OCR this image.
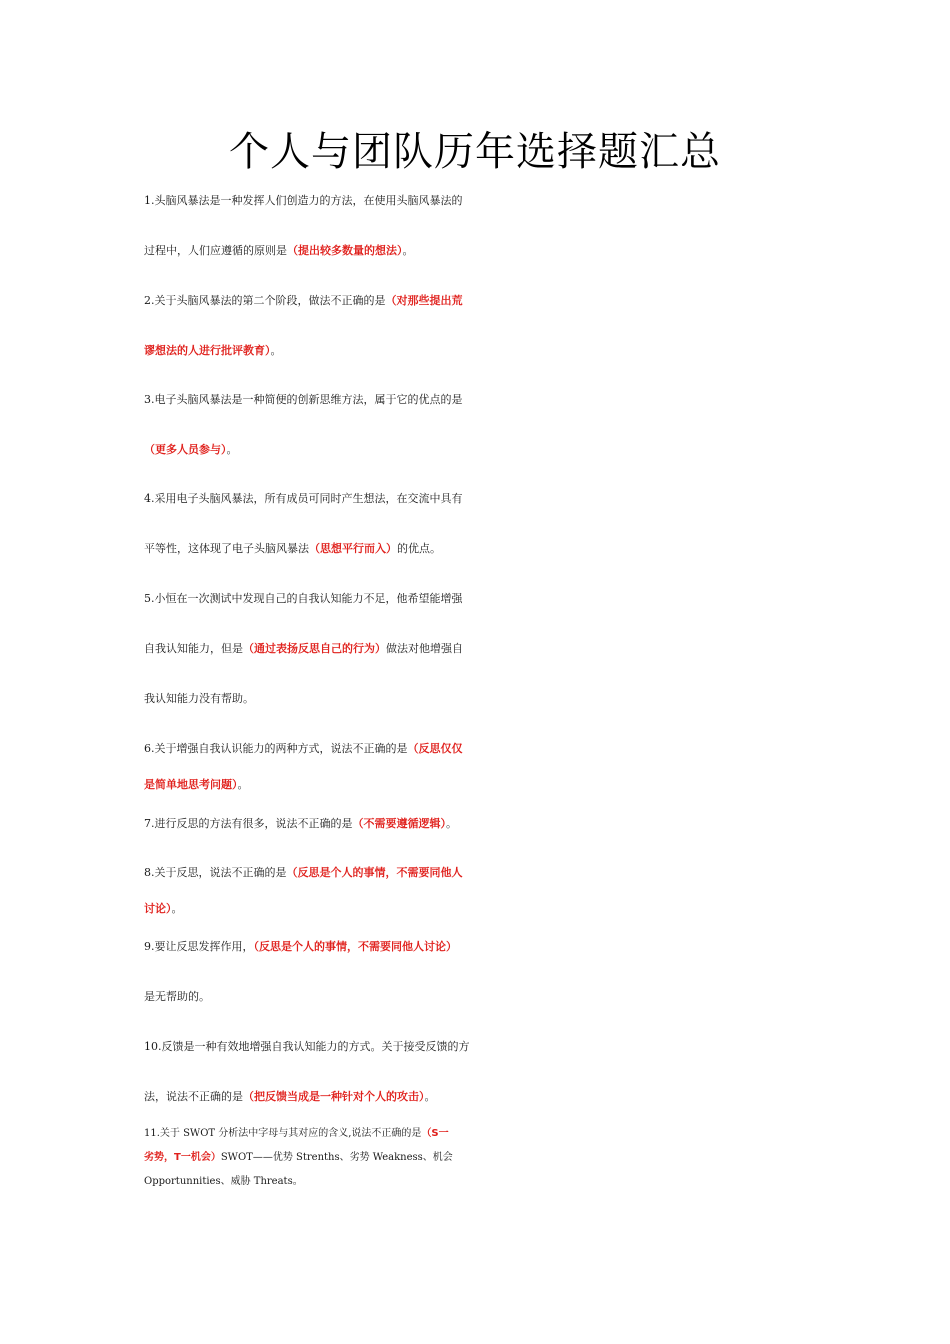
个人与团队历年选择题汇总

1.头脑风暴法是一种发挥人们创造力的方法，在使用头脑风暴法的
过程中，人们应遵循的原则是（提出较多数量的想法）。

2.关于头脑风暴法的第二个阶段，做法不正确的是（对那些提出荒
谬想法的人进行批评教育）。

3.电子头脑风暴法是一种简便的创新思维方法，属于它的优点的是
（更多人员参与）。

4.采用电子头脑风暴法，所有成员可同时产生想法，在交流中具有
平等性，这体现了电子头脑风暴法（思想平行而入）的优点。

5.小恒在一次测试中发现自己的自我认知能力不足，他希望能增强
自我认知能力，但是（通过表扬反思自己的行为）做法对他增强自
我认知能力没有帮助。

6.关于增强自我认识能力的两种方式，说法不正确的是（反思仅仅
是简单地思考问题）。

7.进行反思的方法有很多，说法不正确的是（不需要遵循逻辑）。

8.关于反思，说法不正确的是（反思是个人的事情，不需要同他人
讨论）。

9.要让反思发挥作用，（反思是个人的事情，不需要同他人讨论）
是无帮助的。

10.反馈是一种有效地增强自我认知能力的方式。关于接受反馈的方
法，说法不正确的是（把反馈当成是一种针对个人的攻击）。

11.关于 SWOT 分析法中字母与其对应的含义,说法不正确的是（S一
劣势，T一机会）SWOT——优势 Strenths、劣势 Weakness、机会
Opportunnities、威胁 Threats。
